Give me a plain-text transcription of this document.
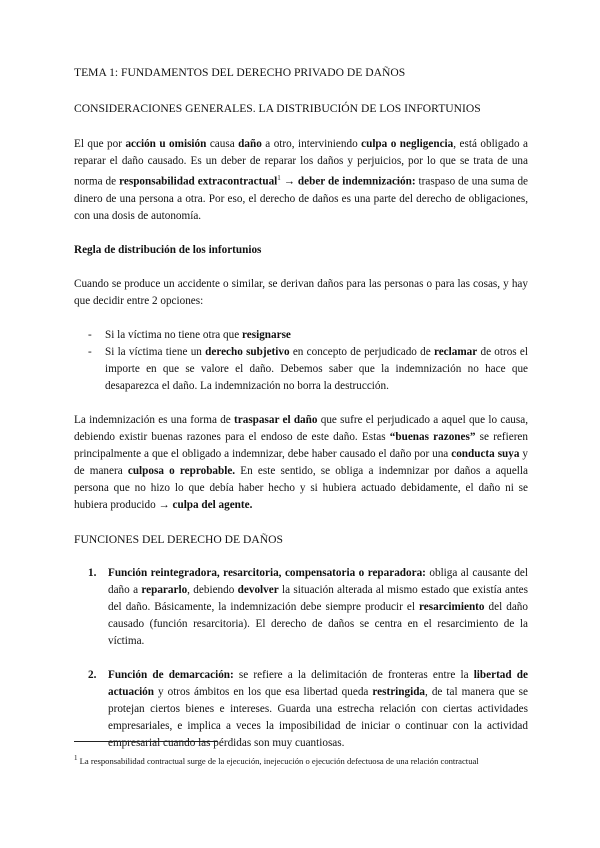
TEMA 1: FUNDAMENTOS DEL DERECHO PRIVADO DE DAÑOS
CONSIDERACIONES GENERALES. LA DISTRIBUCIÓN DE LOS INFORTUNIOS

El que por acción u omisión causa daño a otro, interviniendo culpa o negligencia, está obligado a reparar el daño causado. Es un deber de reparar los daños y perjuicios, por lo que se trata de una norma de responsabilidad extracontractual$^1$ → deber de indemnización: traspaso de una suma de dinero de una persona a otra. Por eso, el derecho de daños es una parte del derecho de obligaciones, con una dosis de autonomía.

Regla de distribución de los infortunios

Cuando se produce un accidente o similar, se derivan daños para las personas o para las cosas, y hay que decidir entre 2 opciones:

- Si la víctima no tiene otra que resignarse
- Si la víctima tiene un derecho subjetivo en concepto de perjudicado de reclamar de otros el importe en que se valore el daño. Debemos saber que la indemnización no hace que desaparezca el daño. La indemnización no borra la destrucción.

La indemnización es una forma de traspasar el daño que sufre el perjudicado a aquel que lo causa, debiendo existir buenas razones para el endoso de este daño. Estas “buenas razones” se refieren principalmente a que el obligado a indemnizar, debe haber causado el daño por una conducta suya y de manera culposa o reprobable. En este sentido, se obliga a indemnizar por daños a aquella persona que no hizo lo que debía haber hecho y si hubiera actuado debidamente, el daño ni se hubiera producido → culpa del agente.

FUNCIONES DEL DERECHO DE DAÑOS
1. Función reintegradora, resarcitoria, compensatoria o reparadora: obliga al causante del daño a repararlo, debiendo devolver la situación alterada al mismo estado que existía antes del daño. Básicamente, la indemnización debe siempre producir el resarcimiento del daño causado (función resarcitoria). El derecho de daños se centra en el resarcimiento de la víctima.
2. Función de demarcación: se refiere a la delimitación de fronteras entre la libertad de actuación y otros ámbitos en los que esa libertad queda restringida, de tal manera que se protejan ciertos bienes e intereses. Guarda una estrecha relación con ciertas actividades empresariales, e implica a veces la imposibilidad de iniciar o continuar con la actividad empresarial cuando las pérdidas son muy cuantiosas.
$^1$ La responsabilidad contractual surge de la ejecución, inejecución o ejecución defectuosa de una relación contractual
